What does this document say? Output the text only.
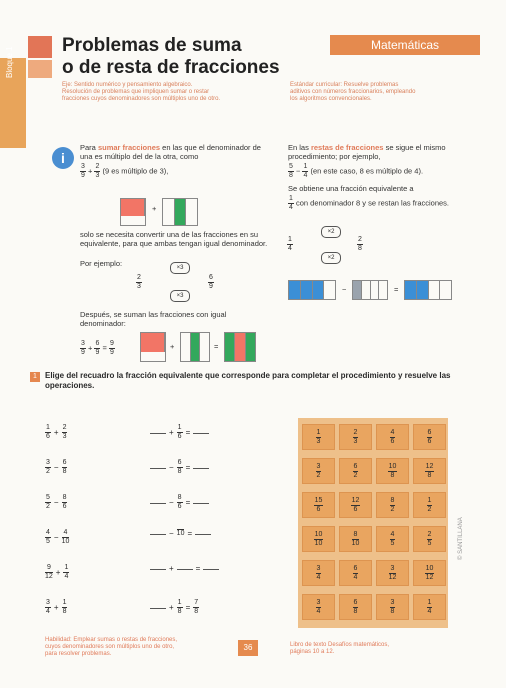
Bloque 1
Problemas de suma
o de resta de fracciones
Matemáticas
Eje: Sentido numérico y pensamiento algebraico.
Resolución de problemas que impliquen sumar o restar
fracciones cuyos denominadores son múltiplos uno de otro.
Estándar curricular: Resuelve problemas
aditivos con números fraccionarios, empleando
los algoritmos convencionales.
i
Para sumar fracciones en las que el denominador de una es múltiplo del de la otra, como
$\frac{3}{9} + \frac{2}{3} (9$ es múltiplo de 3),
+
solo se necesita convertir una de las fracciones en su equivalente, para que ambas tengan igual denominador.
Por ejemplo:	×3
×3
$\frac{2}{3}$	$\frac{6}{9}$
Después, se suman las fracciones con igual denominador:
$\frac{3}{9} + \frac{6}{9} = \frac{9}{9}$	+	=
En las restas de fracciones se sigue el mismo procedimiento; por ejemplo,
$\frac{5}{8} - \frac{1}{4} (en$ este caso, 8 es múltiplo de 4).
Se obtiene una fracción equivalente a
$\frac{1}{4}$ con denominador 8 y se restan las fracciones.
×2
×2
$\frac{1}{4}$	$\frac{2}{8}$
−	=
1	Elige del recuadro la fracción equivalente que corresponde para completar el procedimiento y resuelve las operaciones.
$\frac{1}{3}$	$\frac{2}{3}$	$\frac{4}{6}$	$\frac{6}{6}$
$\frac{3}{2}$	$\frac{6}{2}$	$\frac{10}{8}$	$\frac{12}{8}$
$\frac{15}{6}$	$\frac{12}{6}$	$\frac{8}{2}$	$\frac{1}{2}$
$\frac{10}{10}$	$\frac{8}{10}$	$\frac{4}{5}$	$\frac{2}{5}$
$\frac{3}{4}$	$\frac{6}{4}$	$\frac{3}{12}$	$\frac{10}{12}$
$\frac{3}{4}$	$\frac{6}{8}$	$\frac{3}{8}$	$\frac{1}{4}$
$\frac{1}{6} + \frac{2}{3}$	+ $\frac{1}{6}$ =
$\frac{3}{2} - \frac{6}{8}$	− $\frac{6}{8}$ =
$\frac{5}{2} - \frac{8}{6}$	− $\frac{8}{6}$ =
$\frac{4}{5} - \frac{4}{10}$	− 10 =
$\frac{9}{12} + \frac{1}{4}$	+	=
$\frac{3}{4} + \frac{1}{8}$	+ $\frac{1}{8} = \frac{7}{8}$
Habilidad: Emplear sumas o restas de fracciones,
cuyos denominadores son múltiplos uno de otro,
para resolver problemas.
36	Libro de texto Desafíos matemáticos,
páginas 10 a 12.
© SANTILLANA
